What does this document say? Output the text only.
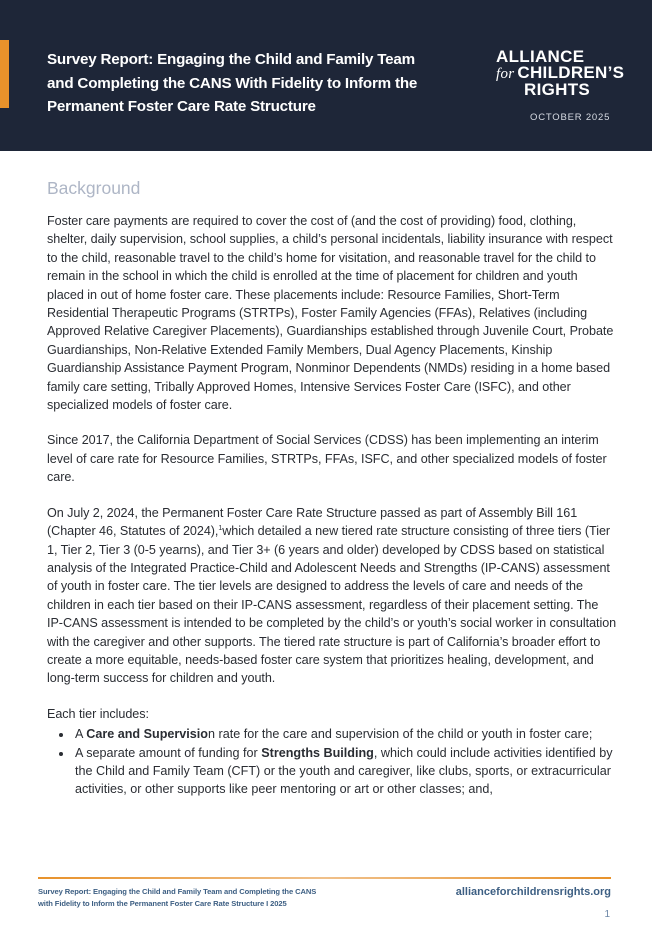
Survey Report: Engaging the Child and Family Team
and Completing the CANS With Fidelity to Inform the
Permanent Foster Care Rate Structure
ALLIANCE
for CHILDREN’S
RIGHTS
OCTOBER 2025
Background

Foster care payments are required to cover the cost of (and the cost of providing) food, clothing, shelter, daily supervision, school supplies, a child’s personal incidentals, liability insurance with respect to the child, reasonable travel to the child’s home for visitation, and reasonable travel for the child to remain in the school in which the child is enrolled at the time of placement for children and youth placed in out of home foster care. These placements include: Resource Families, Short-Term Residential Therapeutic Programs (STRTPs), Foster Family Agencies (FFAs), Relatives (including Approved Relative Caregiver Placements), Guardianships established through Juvenile Court, Probate Guardianships, Non-Relative Extended Family Members, Dual Agency Placements, Kinship Guardianship Assistance Payment Program, Nonminor Dependents (NMDs) residing in a home based family care setting, Tribally Approved Homes, Intensive Services Foster Care (ISFC), and other specialized models of foster care.

Since 2017, the California Department of Social Services (CDSS) has been implementing an interim level of care rate for Resource Families, STRTPs, FFAs, ISFC, and other specialized models of foster care.

On July 2, 2024, the Permanent Foster Care Rate Structure passed as part of Assembly Bill 161 (Chapter 46, Statutes of 2024),$^1$which detailed a new tiered rate structure consisting of three tiers (Tier 1, Tier 2, Tier 3 (0-5 yearns), and Tier 3+ (6 years and older) developed by CDSS based on statistical analysis of the Integrated Practice-Child and Adolescent Needs and Strengths (IP-CANS) assessment of youth in foster care. The tier levels are designed to address the levels of care and needs of the children in each tier based on their IP-CANS assessment, regardless of their placement setting. The IP-CANS assessment is intended to be completed by the child’s or youth’s social worker in consultation with the caregiver and other supports. The tiered rate structure is part of California’s broader effort to create a more equitable, needs-based foster care system that prioritizes healing, development, and long-term success for children and youth.

Each tier includes:

• A Care and Supervision rate for the care and supervision of the child or youth in foster care;
• A separate amount of funding for Strengths Building, which could include activities identified by the Child and Family Team (CFT) or the youth and caregiver, like clubs, sports, or extracurricular activities, or other supports like peer mentoring or art or other classes; and,
Survey Report: Engaging the Child and Family Team and Completing the CANS
with Fidelity to Inform the Permanent Foster Care Rate Structure I 2025
allianceforchildrensrights.org
1
